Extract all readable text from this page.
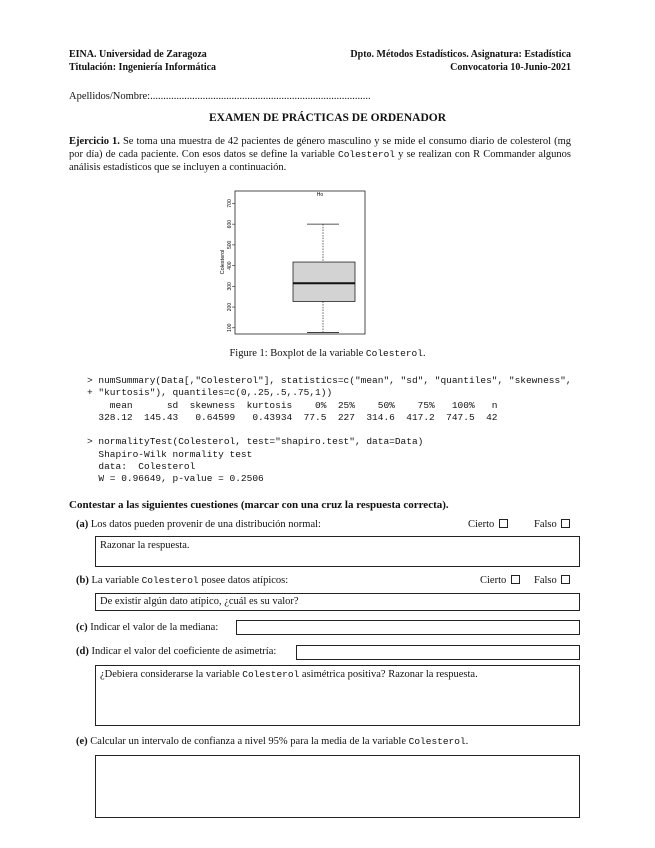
EINA. Universidad de Zaragoza
Titulación: Ingeniería Informática
Dpto. Métodos Estadísticos. Asignatura: Estadística
Convocatoria 10-Junio-2021
Apellidos/Nombre:....................................................................................
EXAMEN DE PRÁCTICAS DE ORDENADOR
Ejercicio 1. Se toma una muestra de 42 pacientes de género masculino y se mide el consumo diario de colesterol (mg por día) de cada paciente. Con esos datos se define la variable Colesterol y se realizan con R Commander algunos análisis estadísticos que se incluyen a continuación.
Ho
Colesterol
100
200
300
400
500
600
700
Figure 1: Boxplot de la variable Colesterol.
> numSummary(Data[,"Colesterol"], statistics=c("mean", "sd", "quantiles", "skewness",
+ "kurtosis"), quantiles=c(0,.25,.5,.75,1))
mean      sd  skewness  kurtosis    0%  25%    50%    75%   100%   n
328.12  145.43   0.64599   0.43934  77.5  227  314.6  417.2  747.5  42
> normalityTest(Colesterol, test="shapiro.test", data=Data)
Shapiro-Wilk normality test
data:  Colesterol
W = 0.96649, p-value = 0.2506
Contestar a las siguientes cuestiones (marcar con una cruz la respuesta correcta).
(a) Los datos pueden provenir de una distribución normal:	Cierto	Falso
Razonar la respuesta.
(b) La variable Colesterol posee datos atípicos:	Cierto	Falso
De existir algún dato atípico, ¿cuál es su valor?
(c) Indicar el valor de la mediana:
(d) Indicar el valor del coeficiente de asimetría:
¿Debiera considerarse la variable Colesterol asimétrica positiva? Razonar la respuesta.
(e) Calcular un intervalo de confianza a nivel 95% para la media de la variable Colesterol.
